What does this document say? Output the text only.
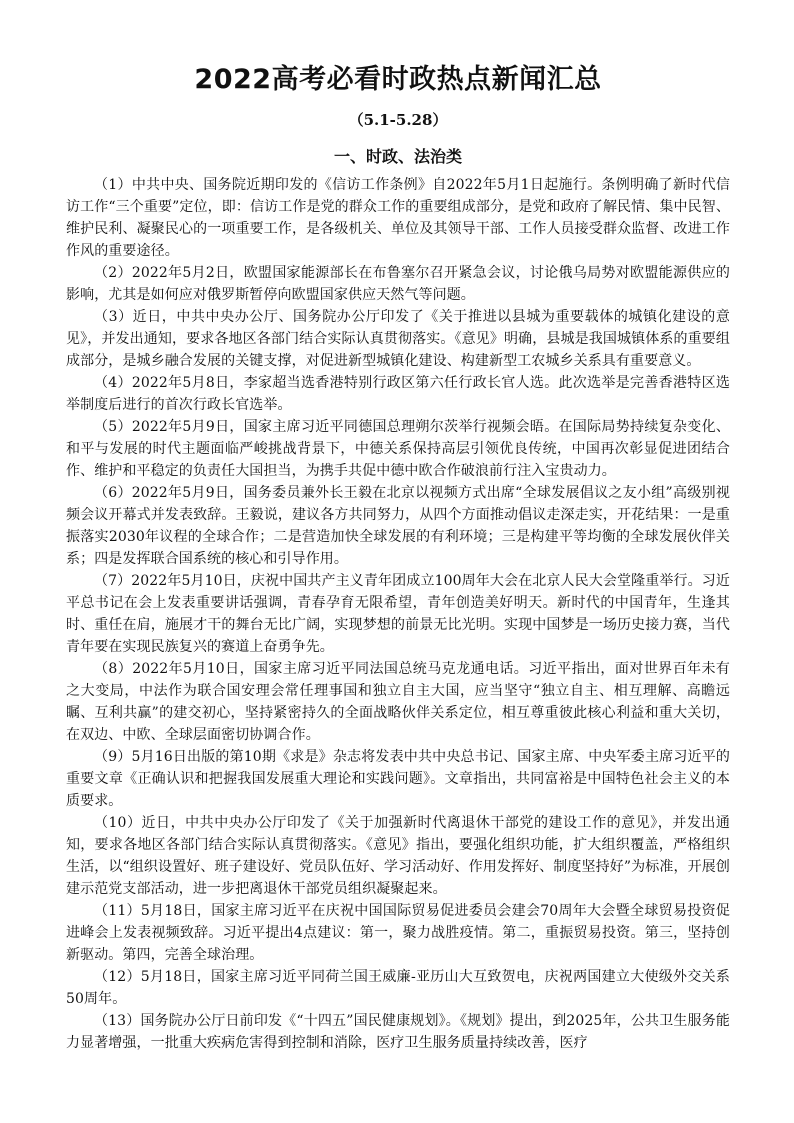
2022高考必看时政热点新闻汇总
（5.1-5.28）
一、时政、法治类

（1）中共中央、国务院近期印发的《信访工作条例》自2022年5月1日起施行。条例明确了新时代信访工作“三个重要”定位，即：信访工作是党的群众工作的重要组成部分，是党和政府了解民情、集中民智、维护民利、凝聚民心的一项重要工作，是各级机关、单位及其领导干部、工作人员接受群众监督、改进工作作风的重要途径。

（2）2022年5月2日，欧盟国家能源部长在布鲁塞尔召开紧急会议，讨论俄乌局势对欧盟能源供应的影响，尤其是如何应对俄罗斯暂停向欧盟国家供应天然气等问题。

（3）近日，中共中央办公厅、国务院办公厅印发了《关于推进以县城为重要载体的城镇化建设的意见》，并发出通知，要求各地区各部门结合实际认真贯彻落实。《意见》明确，县城是我国城镇体系的重要组成部分，是城乡融合发展的关键支撑，对促进新型城镇化建设、构建新型工农城乡关系具有重要意义。

（4）2022年5月8日，李家超当选香港特别行政区第六任行政长官人选。此次选举是完善香港特区选举制度后进行的首次行政长官选举。

（5）2022年5月9日，国家主席习近平同德国总理朔尔茨举行视频会晤。在国际局势持续复杂变化、和平与发展的时代主题面临严峻挑战背景下，中德关系保持高层引领优良传统，中国再次彰显促进团结合作、维护和平稳定的负责任大国担当，为携手共促中德中欧合作破浪前行注入宝贵动力。

（6）2022年5月9日，国务委员兼外长王毅在北京以视频方式出席“全球发展倡议之友小组”高级别视频会议开幕式并发表致辞。王毅说，建议各方共同努力，从四个方面推动倡议走深走实，开花结果：一是重振落实2030年议程的全球合作；二是营造加快全球发展的有利环境；三是构建平等均衡的全球发展伙伴关系；四是发挥联合国系统的核心和引导作用。

（7）2022年5月10日，庆祝中国共产主义青年团成立100周年大会在北京人民大会堂隆重举行。习近平总书记在会上发表重要讲话强调，青春孕育无限希望，青年创造美好明天。新时代的中国青年，生逢其时、重任在肩，施展才干的舞台无比广阔，实现梦想的前景无比光明。实现中国梦是一场历史接力赛，当代青年要在实现民族复兴的赛道上奋勇争先。

（8）2022年5月10日，国家主席习近平同法国总统马克龙通电话。习近平指出，面对世界百年未有之大变局，中法作为联合国安理会常任理事国和独立自主大国，应当坚守“独立自主、相互理解、高瞻远瞩、互利共赢”的建交初心，坚持紧密持久的全面战略伙伴关系定位，相互尊重彼此核心利益和重大关切，在双边、中欧、全球层面密切协调合作。

（9）5月16日出版的第10期《求是》杂志将发表中共中央总书记、国家主席、中央军委主席习近平的重要文章《正确认识和把握我国发展重大理论和实践问题》。文章指出，共同富裕是中国特色社会主义的本质要求。

（10）近日，中共中央办公厅印发了《关于加强新时代离退休干部党的建设工作的意见》，并发出通知，要求各地区各部门结合实际认真贯彻落实。《意见》指出，要强化组织功能，扩大组织覆盖，严格组织生活，以“组织设置好、班子建设好、党员队伍好、学习活动好、作用发挥好、制度坚持好”为标准，开展创建示范党支部活动，进一步把离退休干部党员组织凝聚起来。

（11）5月18日，国家主席习近平在庆祝中国国际贸易促进委员会建会70周年大会暨全球贸易投资促进峰会上发表视频致辞。习近平提出4点建议：第一，聚力战胜疫情。第二，重振贸易投资。第三，坚持创新驱动。第四，完善全球治理。

（12）5月18日，国家主席习近平同荷兰国王威廉-亚历山大互致贺电，庆祝两国建立大使级外交关系50周年。

（13）国务院办公厅日前印发《“十四五”国民健康规划》。《规划》提出，到2025年，公共卫生服务能力显著增强，一批重大疾病危害得到控制和消除，医疗卫生服务质量持续改善，医疗
